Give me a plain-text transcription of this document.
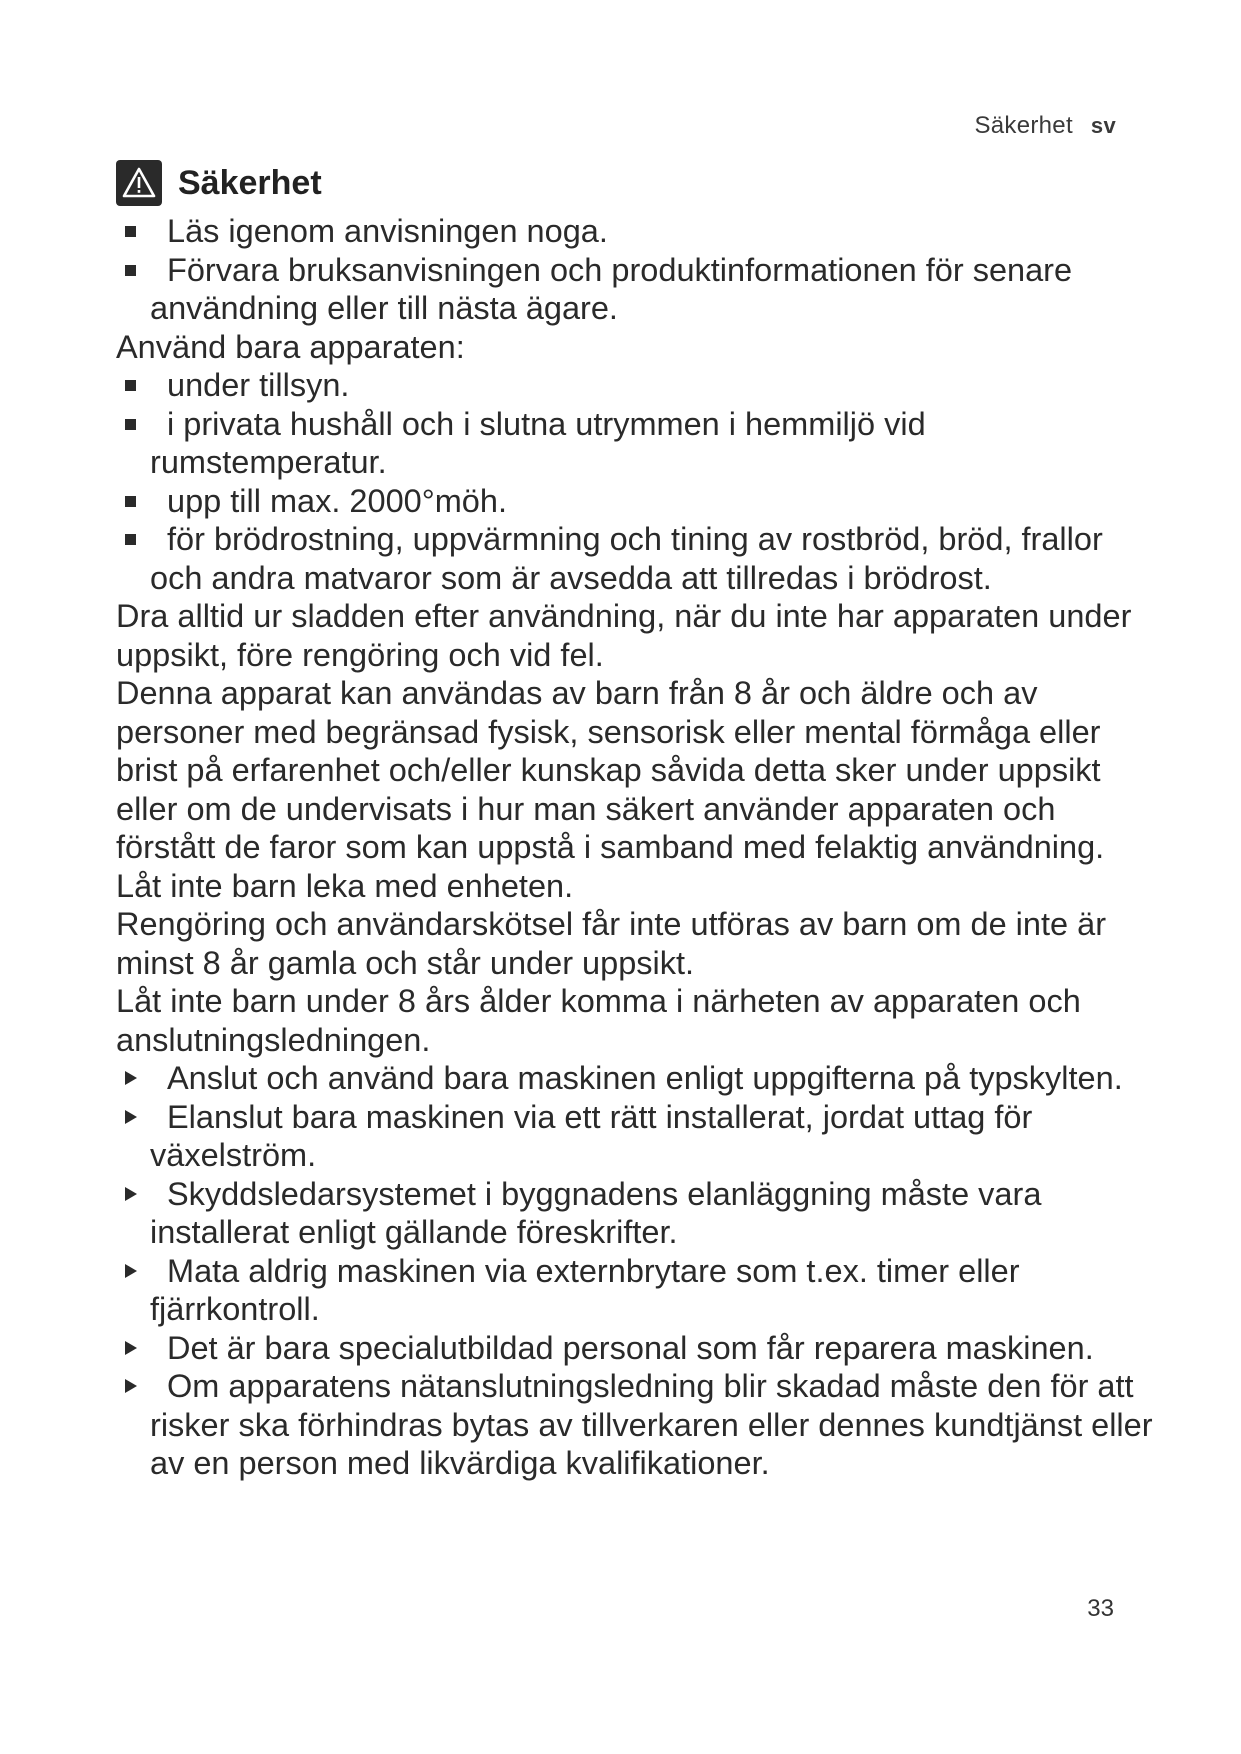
Säkerhet sv
Säkerhet
Läs igenom anvisningen noga.
Förvara bruksanvisningen och produktinformationen för senare användning eller till nästa ägare.
Använd bara apparaten:
under tillsyn.
i privata hushåll och i slutna utrymmen i hemmiljö vid rumstemperatur.
upp till max. 2000°möh.
för brödrostning, uppvärmning och tining av rostbröd, bröd, frallor och andra matvaror som är avsedda att tillredas i brödrost.
Dra alltid ur sladden efter användning, när du inte har apparaten under uppsikt, före rengöring och vid fel.
Denna apparat kan användas av barn från 8 år och äldre och av personer med begränsad fysisk, sensorisk eller mental förmåga eller brist på erfarenhet och/eller kunskap såvida detta sker under uppsikt eller om de undervisats i hur man säkert använder apparaten och förstått de faror som kan uppstå i samband med felaktig användning.
Låt inte barn leka med enheten.
Rengöring och användarskötsel får inte utföras av barn om de inte är minst 8 år gamla och står under uppsikt.
Låt inte barn under 8 års ålder komma i närheten av apparaten och anslutningsledningen.
Anslut och använd bara maskinen enligt uppgifterna på typskylten.
Elanslut bara maskinen via ett rätt installerat, jordat uttag för växelström.
Skyddsledarsystemet i byggnadens elanläggning måste vara installerat enligt gällande föreskrifter.
Mata aldrig maskinen via externbrytare som t.ex. timer eller fjärrkontroll.
Det är bara specialutbildad personal som får reparera maskinen.
Om apparatens nätanslutningsledning blir skadad måste den för att risker ska förhindras bytas av tillverkaren eller dennes kundtjänst eller av en person med likvärdiga kvalifikationer.
33
